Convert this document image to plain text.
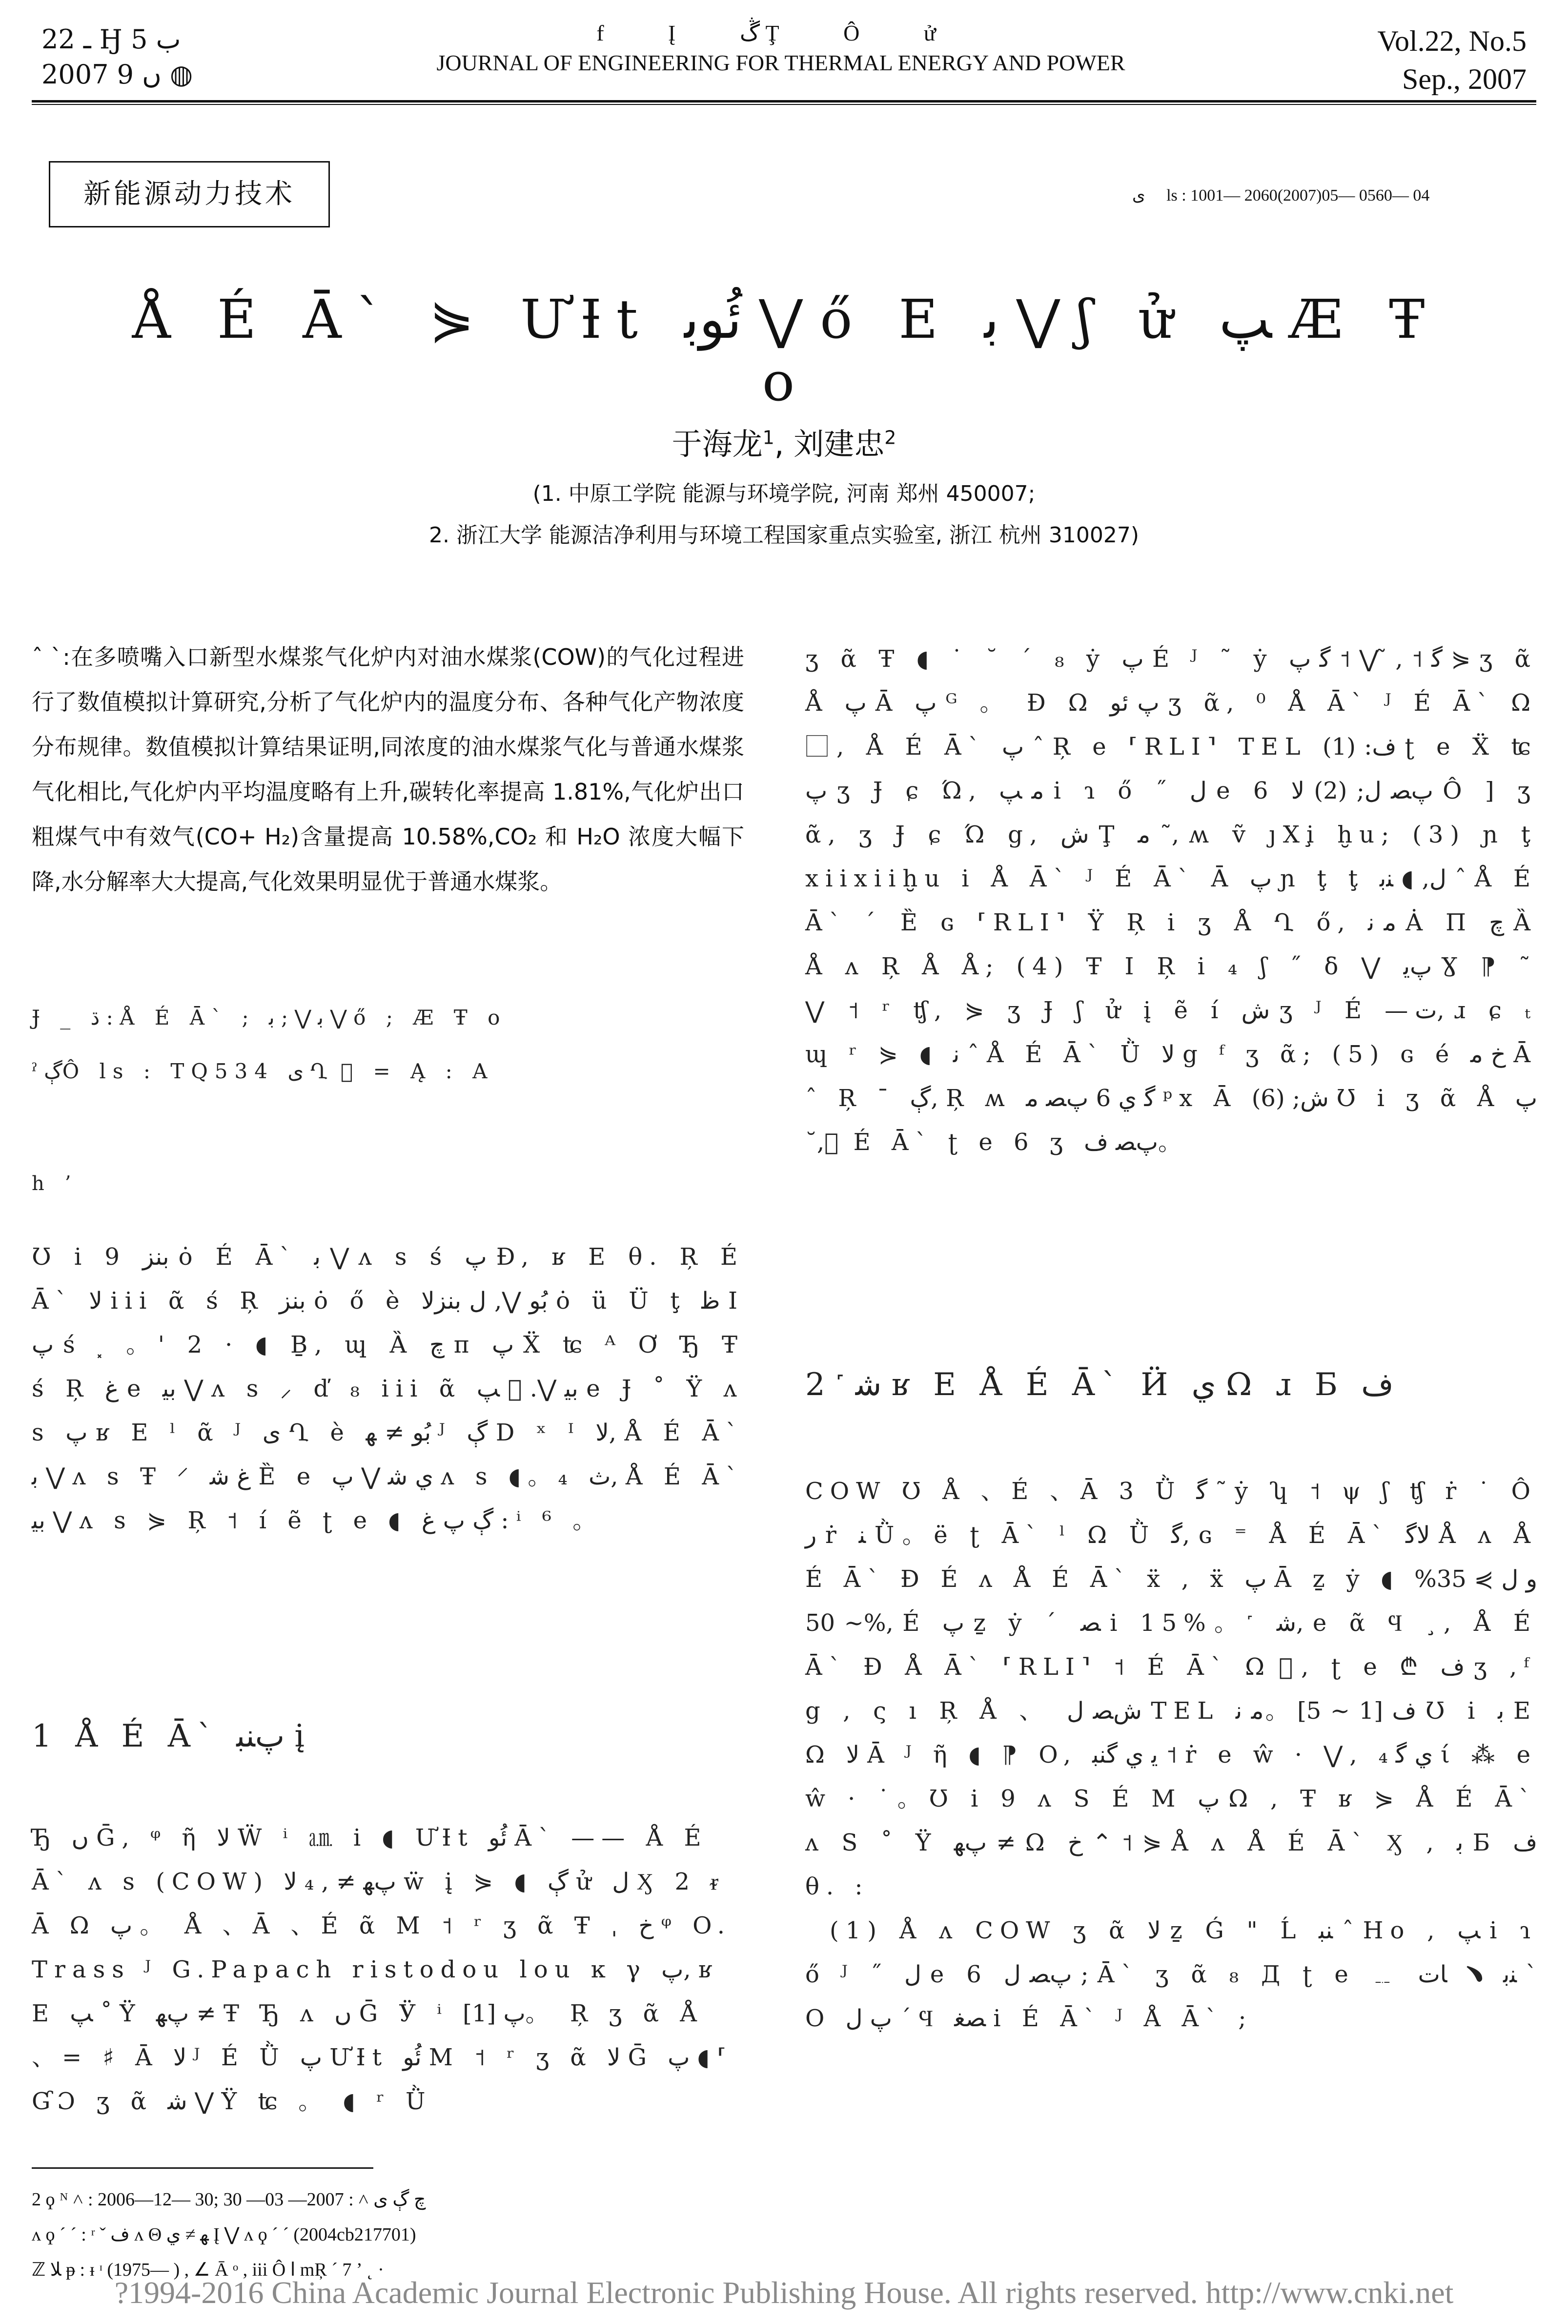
ـ 22 Ӈ ب 5
2007 ں 9 ◍
f Į ڴ Ţ Ô ử
JOURNAL OF ENGINEERING FOR THERMAL ENERGY AND POWER
Vol.22, No.5
Sep., 2007
新能源动力技术	ی ⃞ ls : 1001— 2060(2007)05— 0560— 04
Å É Ā` ⋟ ƯƗt ﺋُﻮﺑ ⋁ ő E ﺑ ⋁ ʃ ử ﭗ Æ Ŧ o
于海龙$^1$, 刘建忠$^2$
(1. 中原工学院 能源与环境学院, 河南 郑州 450007;
2. 浙江大学 能源洁净利用与环境工程国家重点实验室, 浙江 杭州 310027)
ˆ ˋ:在多喷嘴入口新型水煤浆气化炉内对油水煤浆(COW)的气化过程进行了数值模拟计算研究,分析了气化炉内的温度分布、各种气化产物浓度分布规律。数值模拟计算结果证明,同浓度的油水煤浆气化与普通水煤浆气化相比,气化炉内平均温度略有上升,碳转化率提高 1.81%,气化炉出口粗煤气中有效气(CO+ H₂)含量提高 10.58%,CO₂ 和 H₂O 浓度大幅下降,水分解率大大提高,气化效果明显优于普通水煤浆。
Ɉ _ ڌ : Å É Ā` ; ﺑ ⋁ ; ﺑ ⋁ ő ; Æ Ŧ o
ˀ ڳÔ ls : TQ534 ی Ղ ⃞ = Ą : A
h ʼ
Ʊ i 9 ﺑﻨﺰ ȯ É Ā` ﺑ ⋁ ʌ s ś ﭖ Ð, ʁ E θ. Ŗ É Ā` ﻻ iii ᾶ ś Ŗ ﺑﻨﺰ ȯ ő è ﺑُﻮ ⋁, ﻝ ﺑﻨﺰﻻ ȯ ü Ü ţ ﻇ I ﭖ ś ⸼ 。' 2 · ◖ Ḇ, ɰ Ȁ ﭺ ᴨ ﭖ Ẍ ʨ ᴬ Ơ Ђ Ŧ ś Ŗ ﻍ e ﺑﻴ ⋁ ʌ s ⸝ ď ₈ iii ᾶ ﺑﻴ ⋁. ⃞ ﭗ e Ɉ ˚ Ÿ ʌ s ﭖ ʁ E ˡ ᾶ ᴶ ی Ղ è ﺑُﻮ ≠ ﻬ ᴶ ڳ D ˣ ᴵ ﻻ, Å É Ā` ﺑ ⋁ ʌ s Ŧ ⸍ غ ﺷ Ȅ e ي ﺷ ⋁ ﭖ ʌ s ◖。₄ ﺙ, Å É Ā` ﺑﻴ ⋁ ʌ s ⋟ Ŗ ˦ í ẽ ʈ e ◖ ڳ ﭖ ﻍ : ⁱ ⁶ 。
1 Å É Ā` ﭖﻨﺒ į
Ђ ں Ḡ, ᵠ ῆ ﻻ Ẅ ⁱ ㏂ i ◖ ƯƗt ﺋُﻮ Ā` —— Å É Ā` ʌ s (COW) ﭖﻬ ≠ , ₄ ﻻ ẅ į ⋟ ◖ ڳ ử ﻝ Ӽ 2 ᵲ Ā Ω ﭖ 。 Å 、Ā 、É ᾶ M ˦ ʳ ʒ ᾶ Ŧ ˌ ﺥ ᵠ O. Trass ᴶ G.Papach ristodou lou ĸ γ ﭖ, ʁ E ﭗ ˚ Ÿ ﭖﻬ ≠ Ŧ Ђ ʌ ں Ḡ Ӱ ⁱ ﭖ [1]。 Ŗ ʒ ᾶ Å 、= ♯ Ā ﻻ ᴶ É Ǜ ﭖ ƯƗt ﺋُﻮ M ˦ ʳ ʒ ᾶ ﻻ Ḡ ﭖ ◖ ⸢ ƓƆ ʒ ᾶ ﺷ ⋁ Ÿ ʨ 。 ◖ ʳ Ǜ
ʒ ᾶ Ŧ ◖ ˙ ˘ ˊ ₈ ẏ ﭖ É ᴶ ˜ ẏ ﮔ ˦ , ̃ ⋁ ˦ ﮔ ﭖ ⋟ ʒ ᾶ Å ﭖ Ā ﭖ ᴳ 。 Ɖ Ω ﭖ ﺋﻮ ʒ ᾶ, ⁰ Å Ā` ᴶ É Ā` Ω ⃞, Å É Ā` ﭖ ˆ Ŗ e ⸢RLI⸣ TEL ﻑ: (1) ʈ e Ẍ ʨ ﭖ ʒ Ɉ ɕ Ώ, ﻣ ﭗ i ɿ ő ˝ ﻝ e 6 ﭖﺼ ﻝ; (2) ﻻ Ô ] ʒ ᾶ, ʒ Ɉ ɕ Ώ g, ﺵ Ţ ﻣ ˜, ʍ ṽ ȷXi̧ ḫu; (3) ɲ ţ xiixiiḫu i Å Ā` ᴶ É Ā` Ā ﭖ ɲ ţ ţ ﻝ, ◖ ﻨﺑ ˆ Å É Ā` ˊ Ȅ ɢ ⸢RLI⸣ Ÿ Ŗ i ʒ Å Ղ ő, ﻣ ﻧ Ȧ Π ﭺ Ȁ Å ʌ Ŗ Å Å; (4) Ŧ I Ŗ i ₄ ʃ ˝ δ ⋁ ﭖﻳ Ɣ ⁋ ˜ ⋁ ˦ ʳ ʧ, ⋟ ʒ Ɉ ʃ ử į ẽ í ﺵ ʒ ᴶ É —ﺕ, ɹ ɕ ₜ ɰ ʳ ⋟ ◖ ﻧ ˆ Å É Ā` Ǜ ﻻ g ᶠ ʒ ᾶ; (5) ɢ é ﺥ ﻣ Ā ˆ Ŗ ˉ ڳ, Ŗ ʍ ﮔ ﻱ 6 ﭖﺼ ﻣ ᵖx Ā ﺵ; (6) Ʊ i ʒ ᾶ Å ﭖ ˘, ⃞ É Ā` ʈ e 6 ʒ ﭖﺼ ﻑ。
2 ˹ ﺷ ʁ E Å É Ā` Ӥ ﻱ Ω ɹ Б ﻑ

COW Ʊ Å 、É 、Ā 3 Ǜ ﮔ ˜ ẏ ʮ ˦ ψ ʃ ʧ ṙ ˙ Ô ﺭ ṙ ﻨ Ǜ。ë ʈ Ā` ˡ Ω Ǜ ﮔ, ɢ ⁼ Å É Ā` ﻻﮔ Å ʌ Å É Ā` Ɖ É ʌ Å É Ā` ẍ , ẍ ﭖ Ā ẕ ẏ ◖ ﻭ ﻝ ⋟ 35% ~ 50%, É ﭖ ẕ ẏ ˊ ﺼ i 15%。˹ ﺷ, e ᾶ Ϥ ¸, Å É Ā` Ɖ Å Ā` ⸢RLI⸣ ˦ É Ā` Ω ⃞, ʈ e ₾ ﻑ ʒ ,ᶠ g , ς ı Ŗ Å 、 ﺵﺼ ﻝ TEL ﻑ [1 ~ 5]。ﻣ ﻧ Ʊ i ﺑ E Ω ﻻ Ā ᴶ ῆ ◖ ⁋ O, ﻳ ﻱ ﮔﻨﺒ ˦ ṙ e ŵ · ⋁, ﻱ ﮔ ₄ ί ⁂ e ŵ · ˙。Ʊ i 9 ʌ S É Μ ﭖ Ω , Ŧ ʁ ⋟ Å É Ā` ʌ S ˚ Ÿ ﭖﻬ ≠ Ω ﺥ ⌃ ˦ ⋟ Å ʌ Å É Ā` Ӽ , ﺑ Б ﻑ θ. :

(1) Å ʌ COW ʒ ᾶ ﻻ ẕ Ǵ " Ĺ ﻨﺒ ˆ Ho , ﭗ i ɿ ő ᴶ ˝ ﻝ e 6 ﭖﺼ ﻝ ; Ā` ʒ ᾶ ₈ Д ʈ e ﹎ ﻨﺑ ﹅ ﺎﺕ ˋ O ﭖ ﻝ ˊ Ϥ ﺼﻐ i É Ā` ᴶ Å Ā` ;

2 ϙ ᴺ ˄ : 2006—12— 30; ﭺ ڳ ﻯ ˄ : 2007— 03— 30
ʌ ϙ ˊ ˊ : ʳ ˇ ﻑ ʌ Θ ﻬ ≠ ي Į ⋁ ʌ ϙ ˊ ˊ (2004cb217701)
ℤ ﻼ ᵽ : ᵻ ᶦ (1975— ) , ∠ Ā ᵒ , iii Ô ﺍ mŖ ˊ 7 ʼ ˛ ·
?1994-2016 China Academic Journal Electronic Publishing House. All rights reserved. http://www.cnki.net
